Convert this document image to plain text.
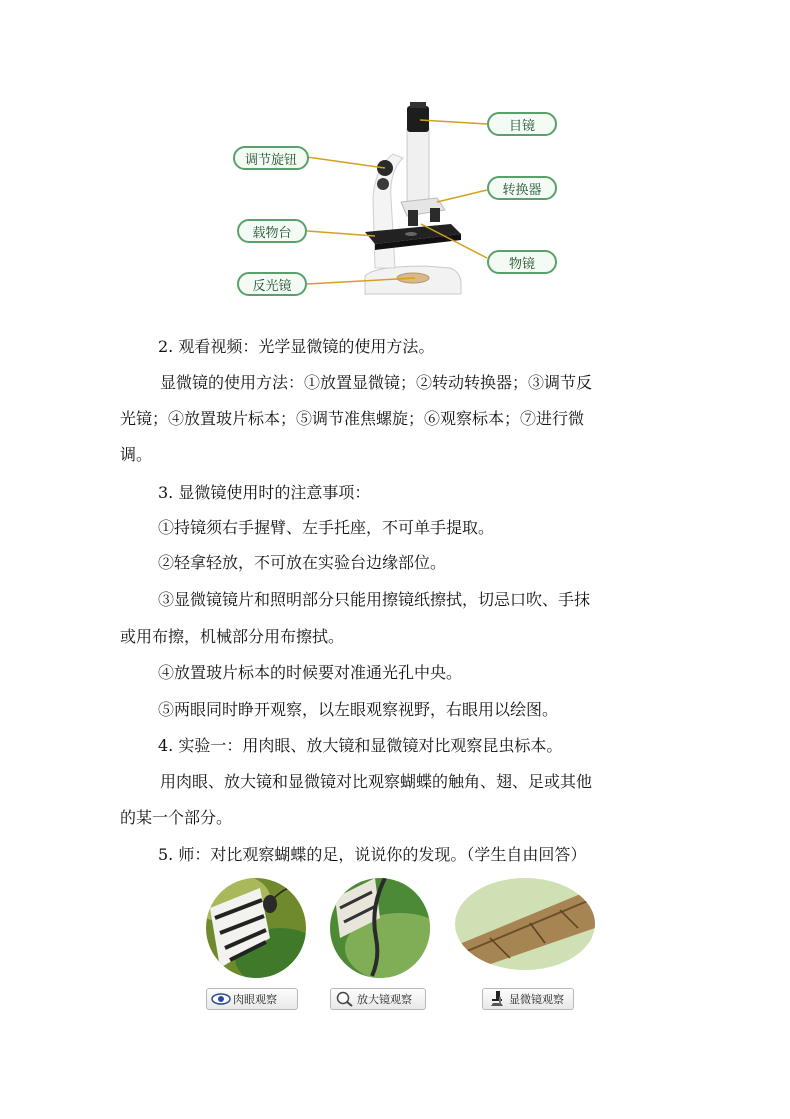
目镜
调节旋钮
转换器
载物台
物镜
反光镜
2. 观看视频：光学显微镜的使用方法。
显微镜的使用方法：①放置显微镜；②转动转换器；③调节反
光镜；④放置玻片标本；⑤调节准焦螺旋；⑥观察标本；⑦进行微
调。
3. 显微镜使用时的注意事项：
①持镜须右手握臂、左手托座，不可单手提取。
②轻拿轻放，不可放在实验台边缘部位。
③显微镜镜片和照明部分只能用擦镜纸擦拭，切忌口吹、手抹
或用布擦，机械部分用布擦拭。
④放置玻片标本的时候要对准通光孔中央。
⑤两眼同时睁开观察，以左眼观察视野，右眼用以绘图。
4. 实验一：用肉眼、放大镜和显微镜对比观察昆虫标本。
用肉眼、放大镜和显微镜对比观察蝴蝶的触角、翅、足或其他
的某一个部分。
5. 师：对比观察蝴蝶的足，说说你的发现。（学生自由回答）
肉眼观察	放大镜观察	显微镜观察
